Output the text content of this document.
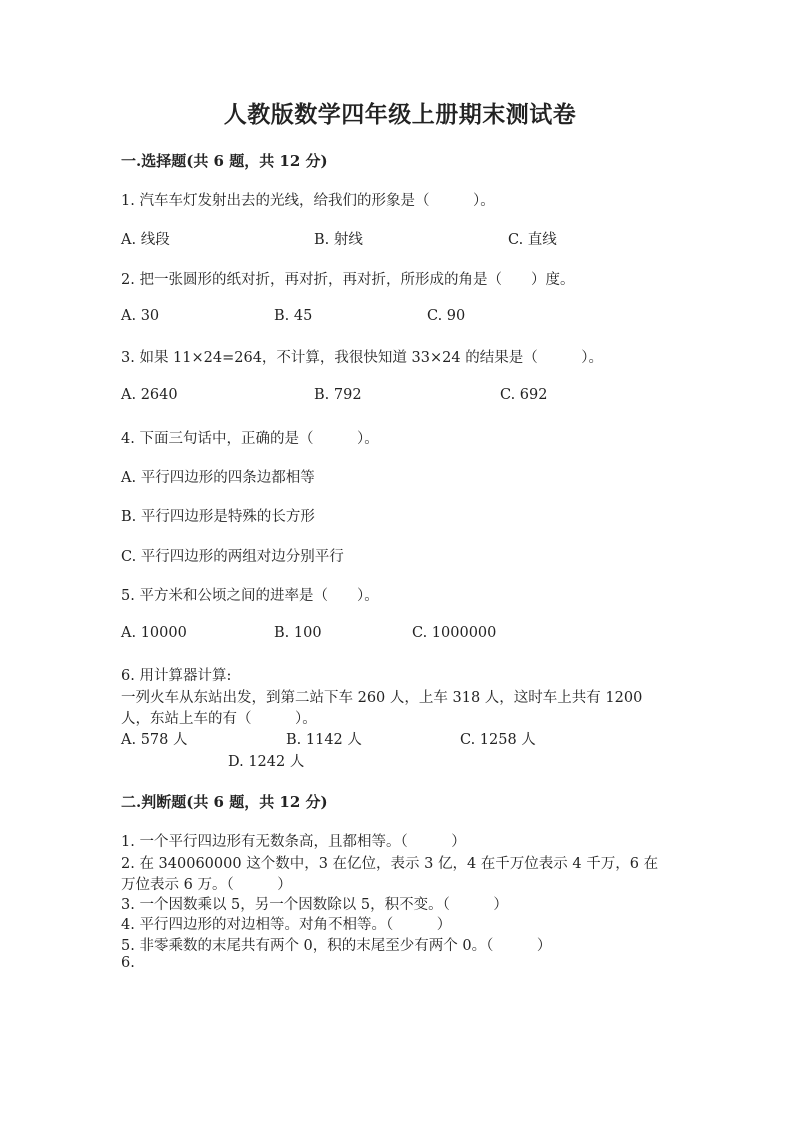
人教版数学四年级上册期末测试卷
一.选择题(共 6 题，共 12 分)
1. 汽车车灯发射出去的光线，给我们的形象是（　　　）。
A. 线段	B. 射线	C. 直线
2. 把一张圆形的纸对折，再对折，再对折，所形成的角是（　　）度。
A. 30	B. 45	C. 90
3. 如果 11×24=264，不计算，我很快知道 33×24 的结果是（　　　）。
A. 2640	B. 792	C. 692
4. 下面三句话中，正确的是（　　　）。
A. 平行四边形的四条边都相等
B. 平行四边形是特殊的长方形
C. 平行四边形的两组对边分别平行
5. 平方米和公顷之间的进率是（　　）。
A. 10000	B. 100	C. 1000000
6. 用计算器计算:
一列火车从东站出发，到第二站下车 260 人，上车 318 人，这时车上共有 1200
人，东站上车的有（　　　）。
A. 578 人	B. 1142 人	C. 1258 人
D. 1242 人
二.判断题(共 6 题，共 12 分)
1. 一个平行四边形有无数条高，且都相等。（　　　）
2. 在 340060000 这个数中，3 在亿位，表示 3 亿，4 在千万位表示 4 千万，6 在
万位表示 6 万。（　　　）
3. 一个因数乘以 5，另一个因数除以 5，积不变。（　　　）
4. 平行四边形的对边相等。对角不相等。（　　　）
5. 非零乘数的末尾共有两个 0，积的末尾至少有两个 0。（　　　）
6.
